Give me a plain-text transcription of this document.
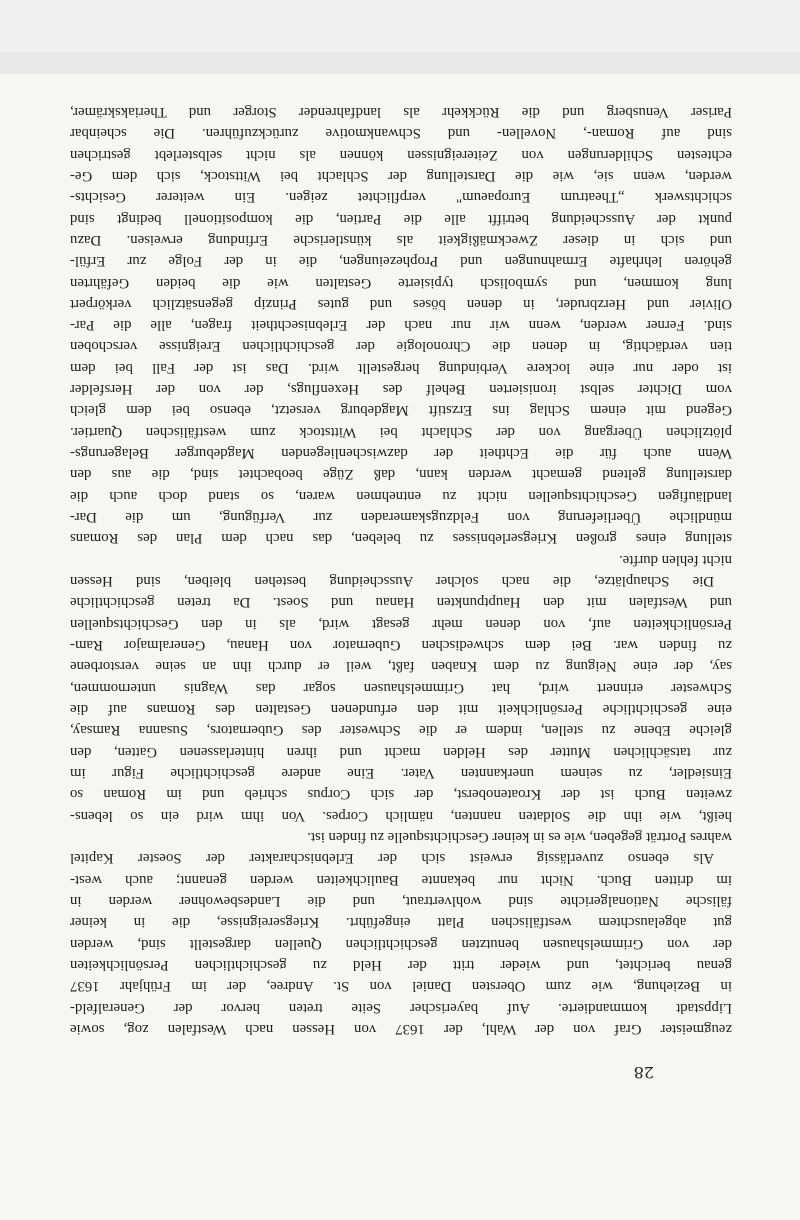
28
zeugmeister Graf von der Wahl, der 1637 von Hessen nach Westfalen zog, sowie
Lippstadt kommandierte. Auf bayerischer Seite treten hervor der Generalfeld-
in Beziehung, wie zum Obersten Daniel von St. Andree, der im Frühjahr 1637
genau berichtet, und wieder tritt der Held zu geschichtlichen Persönlichkeiten
der von Grimmelshausen benutzten geschichtlichen Quellen dargestellt sind, werden
gut abgelauschtem westfälischen Platt eingeführt. Kriegsereignisse, die in keiner
fälische Nationalgerichte sind wohlvertraut, und die Landesbewohner werden in
im dritten Buch. Nicht nur bekannte Baulichkeiten werden genannt; auch west-
Als ebenso zuverlässig erweist sich der Erlebnischarakter der Soester Kapitel
wahres Porträt gegeben, wie es in keiner Geschichtsquelle zu finden ist.
heißt, wie ihn die Soldaten nannten, nämlich Corpes. Von ihm wird ein so lebens-
zweiten Buch ist der Kroatenoberst, der sich Corpus schrieb und im Roman so
Einsiedler, zu seinem unerkannten Vater. Eine andere geschichtliche Figur im
zur tatsächlichen Mutter des Helden macht und ihren hinterlassenen Gatten, den
gleiche Ebene zu stellen, indem er die Schwester des Gubernators, Susanna Ramsay,
eine geschichtliche Persönlichkeit mit den erfundenen Gestalten des Romans auf die
Schwester erinnert wird, hat Grimmelshausen sogar das Wagnis unternommen,
say, der eine Neigung zu dem Knaben faßt, weil er durch ihn an seine verstorbene
zu finden war. Bei dem schwedischen Gubernator von Hanau, Generalmajor Ram-
Persönlichkeiten auf, von denen mehr gesagt wird, als in den Geschichtsquellen
und Westfalen mit den Hauptpunkten Hanau und Soest. Da treten geschichtliche
Die Schauplätze, die nach solcher Ausscheidung bestehen bleiben, sind Hessen
nicht fehlen durfte.
stellung eines großen Kriegserlebnisses zu beleben, das nach dem Plan des Romans
mündliche Überlieferung von Feldzugskameraden zur Verfügung, um die Dar-
landläufigen Geschichtsquellen nicht zu entnehmen waren, so stand doch auch die
darstellung geltend gemacht werden kann, daß Züge beobachtet sind, die aus den
Wenn auch für die Echtheit der dazwischenliegenden Magdeburger Belagerungs-
plötzlichen Übergang von der Schlacht bei Wittstock zum westfälischen Quartier.
Gegend mit einem Schlag ins Erzstift Magdeburg versetzt, ebenso bei dem gleich
vom Dichter selbst ironisierten Behelf des Hexenflugs, der von der Hersfelder
ist oder nur eine lockere Verbindung hergestellt wird. Das ist der Fall bei dem
tien verdächtig, in denen die Chronologie der geschichtlichen Ereignisse verschoben
sind. Ferner werden, wenn wir nur nach der Erlebnisechtheit fragen, alle die Par-
Olivier und Herzbruder, in denen böses und gutes Prinzip gegensätzlich verkörpert
lung kommen, und symbolisch typisierte Gestalten wie die beiden Gefährten
gehören lehrhafte Ermahnungen und Prophezeiungen, die in der Folge zur Erfül-
und sich in dieser Zweckmäßigkeit als künstlerische Erfindung erweisen. Dazu
punkt der Ausscheidung betrifft alle die Partien, die kompositionell bedingt sind
schichtswerk „Theatrum Europaeum" verpflichtet zeigen. Ein weiterer Gesichts-
werden, wenn sie, wie die Darstellung der Schlacht bei Wittstock, sich dem Ge-
echtesten Schilderungen von Zeitereignissen können als nicht selbsterlebt gestrichen
sind auf Roman-, Novellen- und Schwankmotive zurückzuführen. Die scheinbar
Pariser Venusberg und die Rückkehr als landfahrender Storger und Theriakskrämer,
